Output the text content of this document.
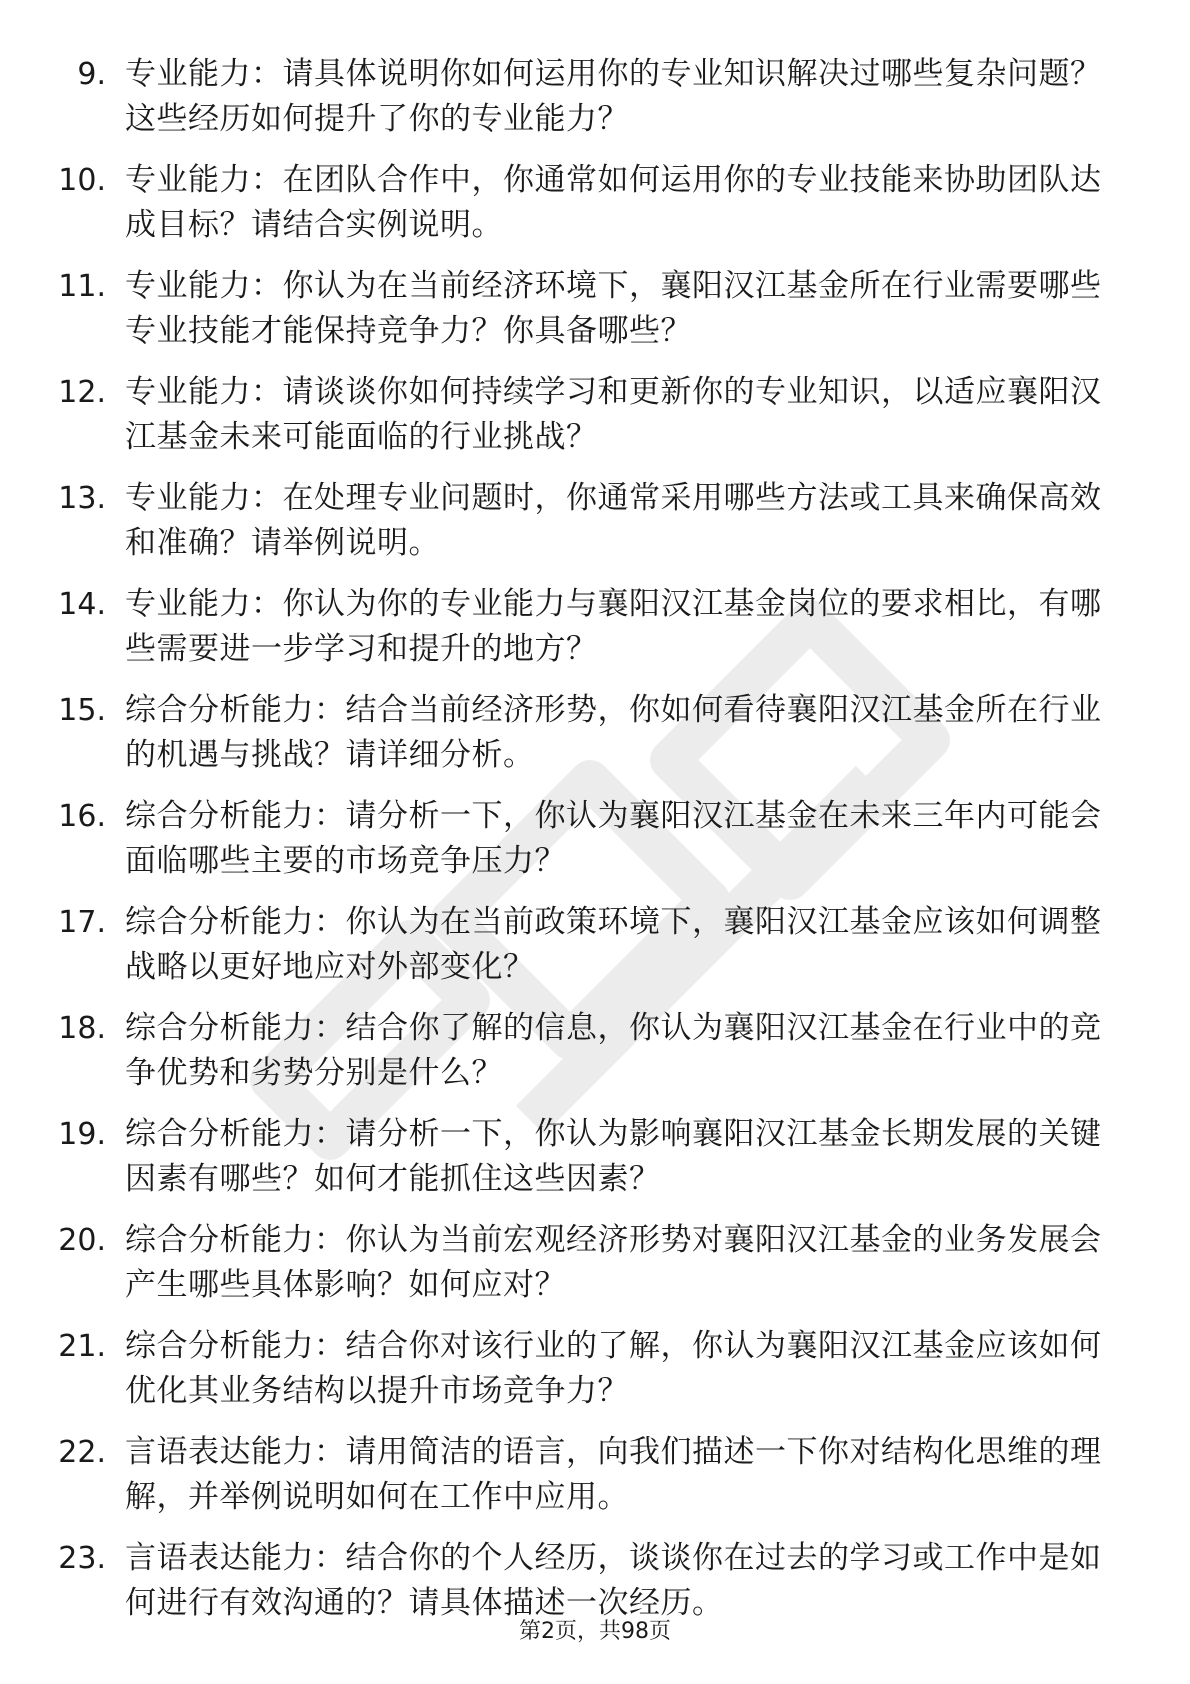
9. 专业能力：请具体说明你如何运用你的专业知识解决过哪些复杂问题？这些经历如何提升了你的专业能力？
10. 专业能力：在团队合作中，你通常如何运用你的专业技能来协助团队达成目标？请结合实例说明。
11. 专业能力：你认为在当前经济环境下，襄阳汉江基金所在行业需要哪些专业技能才能保持竞争力？你具备哪些？
12. 专业能力：请谈谈你如何持续学习和更新你的专业知识，以适应襄阳汉江基金未来可能面临的行业挑战？
13. 专业能力：在处理专业问题时，你通常采用哪些方法或工具来确保高效和准确？请举例说明。
14. 专业能力：你认为你的专业能力与襄阳汉江基金岗位的要求相比，有哪些需要进一步学习和提升的地方？
15. 综合分析能力：结合当前经济形势，你如何看待襄阳汉江基金所在行业的机遇与挑战？请详细分析。
16. 综合分析能力：请分析一下，你认为襄阳汉江基金在未来三年内可能会面临哪些主要的市场竞争压力？
17. 综合分析能力：你认为在当前政策环境下，襄阳汉江基金应该如何调整战略以更好地应对外部变化？
18. 综合分析能力：结合你了解的信息，你认为襄阳汉江基金在行业中的竞争优势和劣势分别是什么？
19. 综合分析能力：请分析一下，你认为影响襄阳汉江基金长期发展的关键因素有哪些？如何才能抓住这些因素？
20. 综合分析能力：你认为当前宏观经济形势对襄阳汉江基金的业务发展会产生哪些具体影响？如何应对？
21. 综合分析能力：结合你对该行业的了解，你认为襄阳汉江基金应该如何优化其业务结构以提升市场竞争力？
22. 言语表达能力：请用简洁的语言，向我们描述一下你对结构化思维的理解，并举例说明如何在工作中应用。
23. 言语表达能力：结合你的个人经历，谈谈你在过去的学习或工作中是如何进行有效沟通的？请具体描述一次经历。
第2页，共98页
